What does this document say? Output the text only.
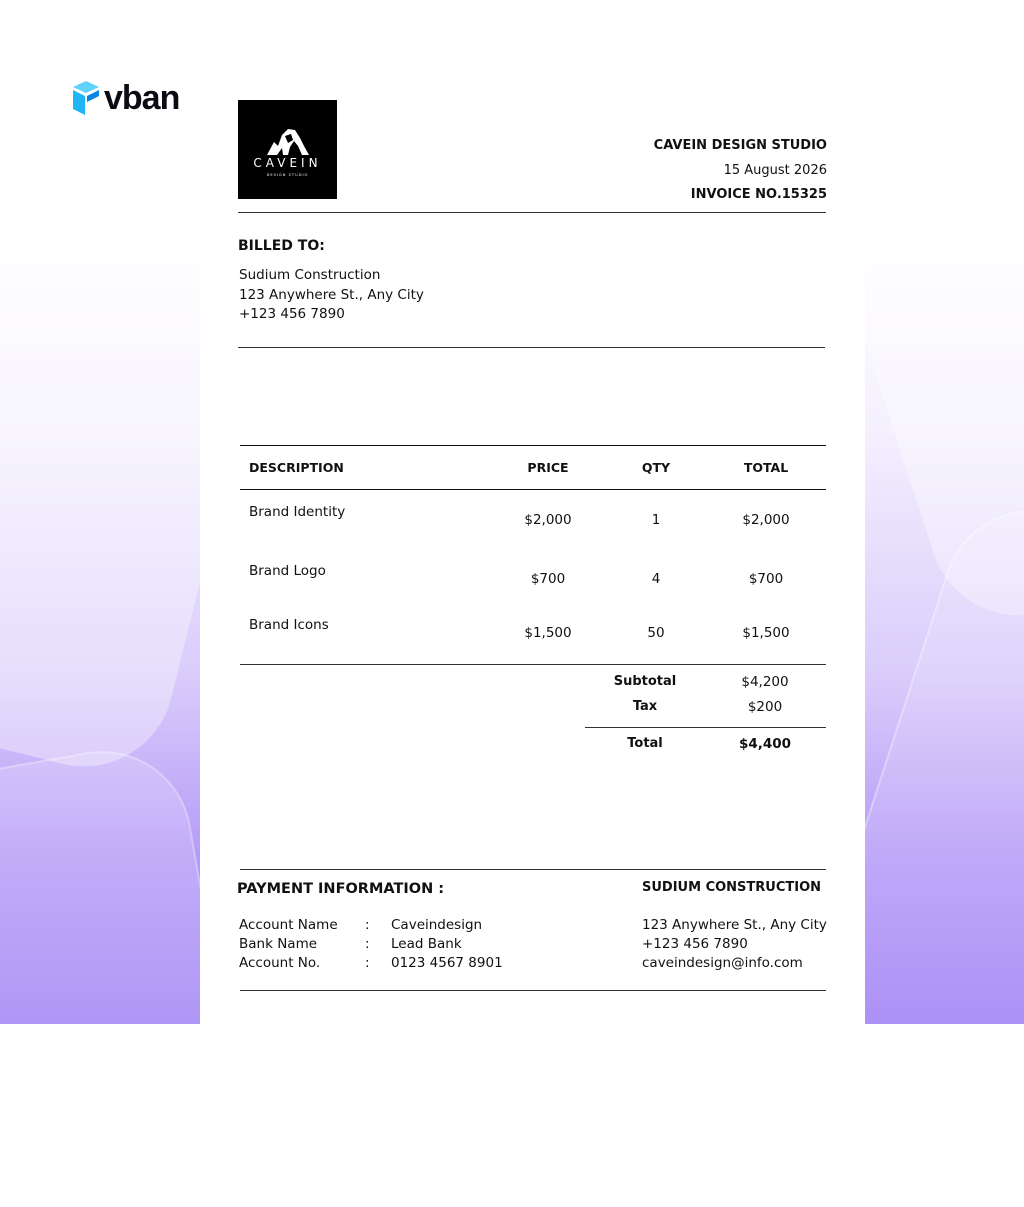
vban
CAVEIN
DESIGN STUDIO
CAVEIN DESIGN STUDIO
15 August 2026
INVOICE NO.15325
BILLED TO:
Sudium Construction
123 Anywhere St., Any City
+123 456 7890
DESCRIPTION	PRICE	QTY	TOTAL
Brand Identity	$2,000	1	$2,000
Brand Logo	$700	4	$700
Brand Icons	$1,500	50	$1,500
Subtotal	$4,200
Tax	$200
Total	$4,400
PAYMENT INFORMATION :
Account Name : Caveindesign
Bank Name	: Lead Bank
Account No.	: 0123 4567 8901
SUDIUM CONSTRUCTION
123 Anywhere St., Any City
+123 456 7890
caveindesign@info.com
